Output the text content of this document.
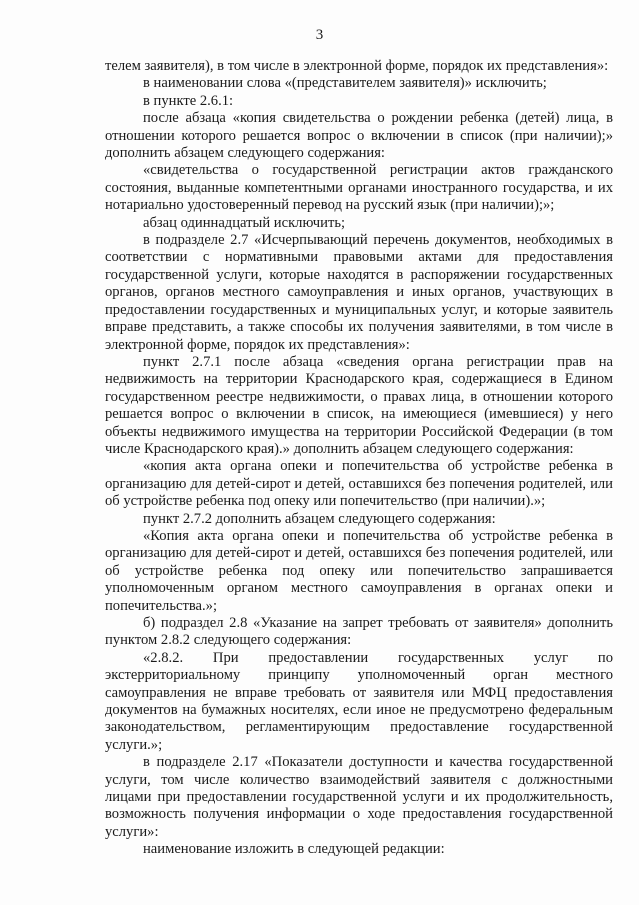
3

телем заявителя), в том числе в электронной форме, порядок их представления»:

в наименовании слова «(представителем заявителя)» исключить;

в пункте 2.6.1:

после абзаца «копия свидетельства о рождении ребенка (детей) лица, в отношении которого решается вопрос о включении в список (при наличии);» дополнить абзацем следующего содержания:

«свидетельства о государственной регистрации актов гражданского состояния, выданные компетентными органами иностранного государства, и их нотариально удостоверенный перевод на русский язык (при наличии);»;

абзац одиннадцатый исключить;

в подразделе 2.7 «Исчерпывающий перечень документов, необходимых в соответствии с нормативными правовыми актами для предоставления государственной услуги, которые находятся в распоряжении государственных органов, органов местного самоуправления и иных органов, участвующих в предоставлении государственных и муниципальных услуг, и которые заявитель вправе представить, а также способы их получения заявителями, в том числе в электронной форме, порядок их представления»:

пункт 2.7.1 после абзаца «сведения органа регистрации прав на недвижимость на территории Краснодарского края, содержащиеся в Едином государственном реестре недвижимости, о правах лица, в отношении которого решается вопрос о включении в список, на имеющиеся (имевшиеся) у него объекты недвижимого имущества на территории Российской Федерации (в том числе Краснодарского края).» дополнить абзацем следующего содержания:

«копия акта органа опеки и попечительства об устройстве ребенка в организацию для детей-сирот и детей, оставшихся без попечения родителей, или об устройстве ребенка под опеку или попечительство (при наличии).»;

пункт 2.7.2 дополнить абзацем следующего содержания:

«Копия акта органа опеки и попечительства об устройстве ребенка в организацию для детей-сирот и детей, оставшихся без попечения родителей, или об устройстве ребенка под опеку или попечительство запрашивается уполномоченным органом местного самоуправления в органах опеки и попечительства.»;

б) подраздел 2.8 «Указание на запрет требовать от заявителя» дополнить пунктом 2.8.2 следующего содержания:

«2.8.2. При предоставлении государственных услуг по экстерриториальному принципу уполномоченный орган местного самоуправления не вправе требовать от заявителя или МФЦ предоставления документов на бумажных носителях, если иное не предусмотрено федеральным законодательством, регламентирующим предоставление государственной услуги.»;

в подразделе 2.17 «Показатели доступности и качества государственной услуги, том числе количество взаимодействий заявителя с должностными лицами при предоставлении государственной услуги и их продолжительность, возможность получения информации о ходе предоставления государственной услуги»:

наименование изложить в следующей редакции:
